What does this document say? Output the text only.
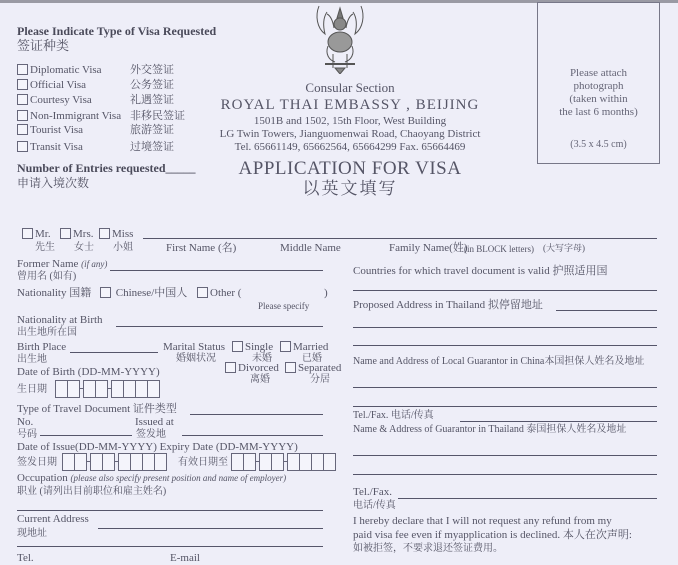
Please Indicate Type of Visa Requested
签证种类
Diplomatic Visa	外交签证
Official Visa	公务签证
Courtesy Visa	礼遇签证
Non-Immigrant Visa 非移民签证
Tourist Visa	旅游签证
Transit Visa	过境签证
Number of Entries requested_____
申请入境次数
Consular Section
ROYAL THAI EMBASSY , BEIJING
1501B and 1502, 15th Floor, West Building
LG Twin Towers, Jianguomenwai Road, Chaoyang District
Tel. 65661149, 65662564, 65664299 Fax. 65664469
APPLICATION FOR VISA
以英文填写
Please attach
photograph
(taken within
the last 6 months)
(3.5 x 4.5 cm)
Mr.	Mrs.	Miss
先生 女士 小姐	First Name (名)	Middle Name	Family Name(姓)
(in BLOCK letters) (大写字母)
Former Name (if any)
曾用名 (如有)
Nationality 国籍	Chinese/中国人	Other (	)
Please specify
Nationality at Birth
出生地所在国
Birth Place
出生地
Marital Status
婚姻状况
Single
未婚
Married
已婚
Divorced
离婚
Separated
分居
Date of Birth (DD-MM-YYYY)
生日期
Type of Travel Document 证件类型
No.	Issued at
号码	签发地
Date of Issue(DD-MM-YYYY) Expiry Date (DD-MM-YYYY)
签发日期	有效日期至
Occupation (please also specify present position and name of employer)
职业 (请列出目前职位和雇主姓名)
Current Address
现地址
Tel.	E-mail
Countries for which travel document is valid 护照适用国
Proposed Address in Thailand 拟停留地址
Name and Address of Local Guarantor in China本国担保人姓名及地址
Tel./Fax. 电话/传真
Name & Address of Guarantor in Thailand 泰国担保人姓名及地址
Tel./Fax.
电话/传真
I hereby declare that I will not request any refund from my
paid visa fee even if myapplication is declined. 本人在次声明:
如被拒签，不要求退还签证费用。
